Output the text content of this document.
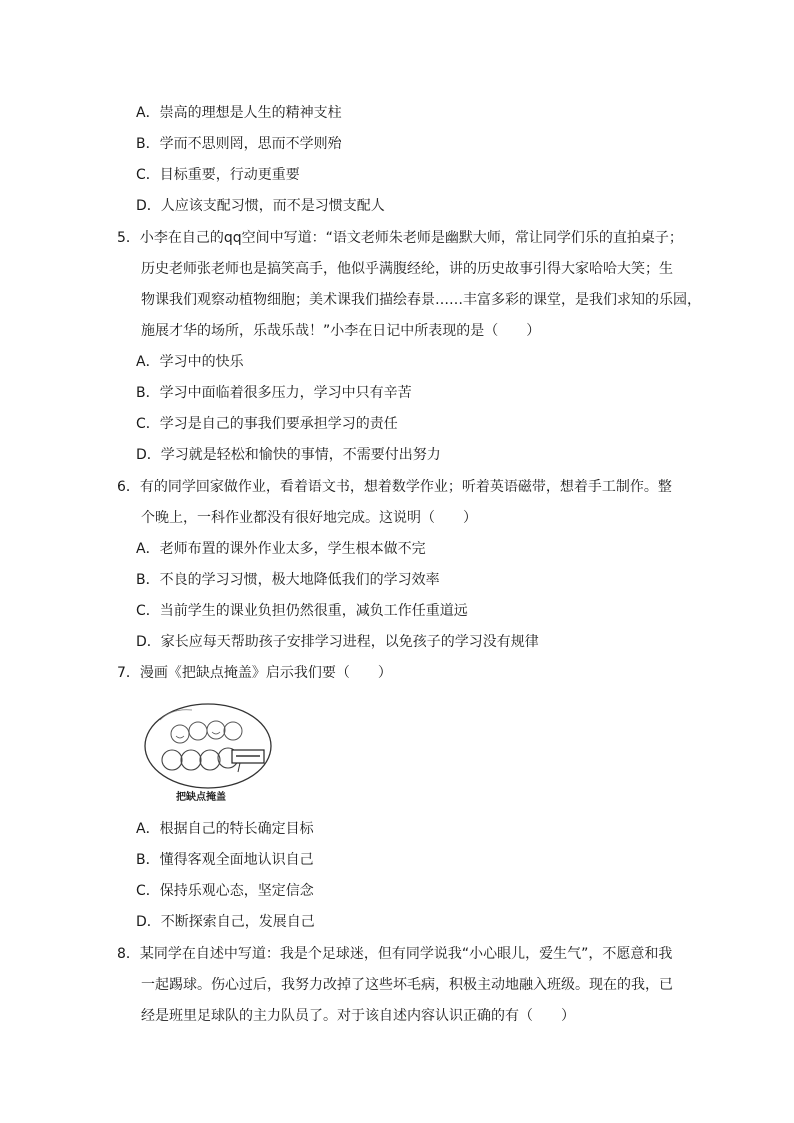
A．崇高的理想是人生的精神支柱
B．学而不思则罔，思而不学则殆
C．目标重要，行动更重要
D．人应该支配习惯，而不是习惯支配人
5．小李在自己的qq空间中写道：“语文老师朱老师是幽默大师，常让同学们乐的直拍桌子；
历史老师张老师也是搞笑高手，他似乎满腹经纶，讲的历史故事引得大家哈哈大笑；生
物课我们观察动植物细胞；美术课我们描绘春景……丰富多彩的课堂，是我们求知的乐园，
施展才华的场所，乐哉乐哉！”小李在日记中所表现的是（　　）
A．学习中的快乐
B．学习中面临着很多压力，学习中只有辛苦
C．学习是自己的事我们要承担学习的责任
D．学习就是轻松和愉快的事情，不需要付出努力
6．有的同学回家做作业，看着语文书，想着数学作业；听着英语磁带，想着手工制作。整
个晚上，一科作业都没有很好地完成。这说明（　　）
A．老师布置的课外作业太多，学生根本做不完
B．不良的学习习惯，极大地降低我们的学习效率
C．当前学生的课业负担仍然很重，减负工作任重道远
D．家长应每天帮助孩子安排学习进程，以免孩子的学习没有规律
7．漫画《把缺点掩盖》启示我们要（　　）
把缺点掩盖
A．根据自己的特长确定目标
B．懂得客观全面地认识自己
C．保持乐观心态，坚定信念
D．不断探索自己，发展自己
8．某同学在自述中写道：我是个足球迷，但有同学说我“小心眼儿，爱生气”，不愿意和我
一起踢球。伤心过后，我努力改掉了这些坏毛病，积极主动地融入班级。现在的我，已
经是班里足球队的主力队员了。对于该自述内容认识正确的有（　　）
